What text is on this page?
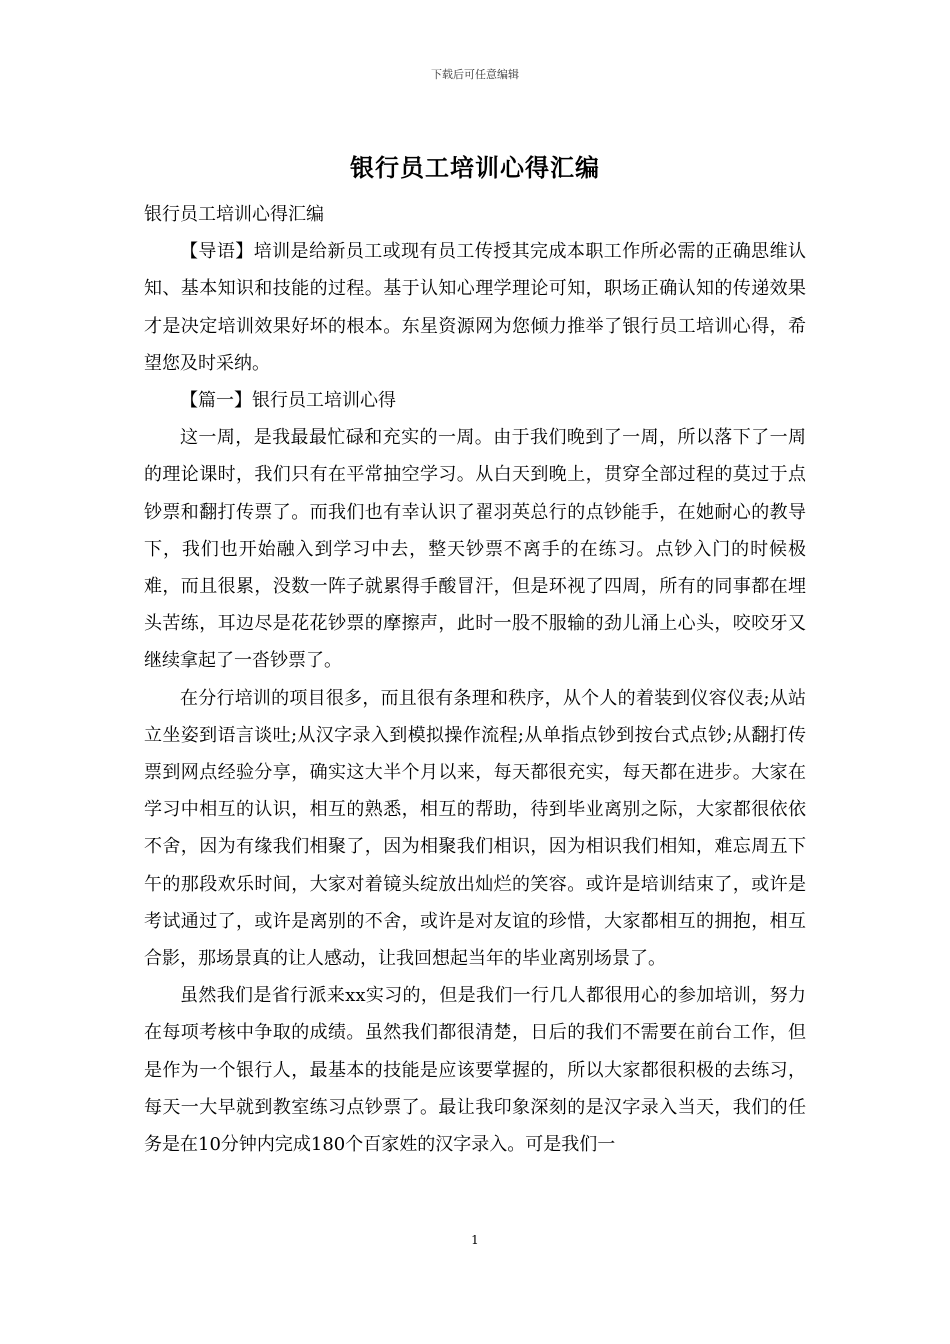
下载后可任意编辑
银行员工培训心得汇编

银行员工培训心得汇编

【导语】培训是给新员工或现有员工传授其完成本职工作所必需的正确思维认知、基本知识和技能的过程。基于认知心理学理论可知，职场正确认知的传递效果才是决定培训效果好坏的根本。东星资源网为您倾力推举了银行员工培训心得，希望您及时采纳。

【篇一】银行员工培训心得

这一周，是我最最忙碌和充实的一周。由于我们晚到了一周，所以落下了一周的理论课时，我们只有在平常抽空学习。从白天到晚上，贯穿全部过程的莫过于点钞票和翻打传票了。而我们也有幸认识了翟羽英总行的点钞能手，在她耐心的教导下，我们也开始融入到学习中去，整天钞票不离手的在练习。点钞入门的时候极难，而且很累，没数一阵子就累得手酸冒汗，但是环视了四周，所有的同事都在埋头苦练，耳边尽是花花钞票的摩擦声，此时一股不服输的劲儿涌上心头，咬咬牙又继续拿起了一沓钞票了。

在分行培训的项目很多，而且很有条理和秩序，从个人的着装到仪容仪表;从站立坐姿到语言谈吐;从汉字录入到模拟操作流程;从单指点钞到按台式点钞;从翻打传票到网点经验分享，确实这大半个月以来，每天都很充实，每天都在进步。大家在学习中相互的认识，相互的熟悉，相互的帮助，待到毕业离别之际，大家都很依依不舍，因为有缘我们相聚了，因为相聚我们相识，因为相识我们相知，难忘周五下午的那段欢乐时间，大家对着镜头绽放出灿烂的笑容。或许是培训结束了，或许是考试通过了，或许是离别的不舍，或许是对友谊的珍惜，大家都相互的拥抱，相互合影，那场景真的让人感动，让我回想起当年的毕业离别场景了。

虽然我们是省行派来xx实习的，但是我们一行几人都很用心的参加培训，努力在每项考核中争取的成绩。虽然我们都很清楚，日后的我们不需要在前台工作，但是作为一个银行人，最基本的技能是应该要掌握的，所以大家都很积极的去练习，每天一大早就到教室练习点钞票了。最让我印象深刻的是汉字录入当天，我们的任务是在10分钟内完成180个百家姓的汉字录入。可是我们一

1
